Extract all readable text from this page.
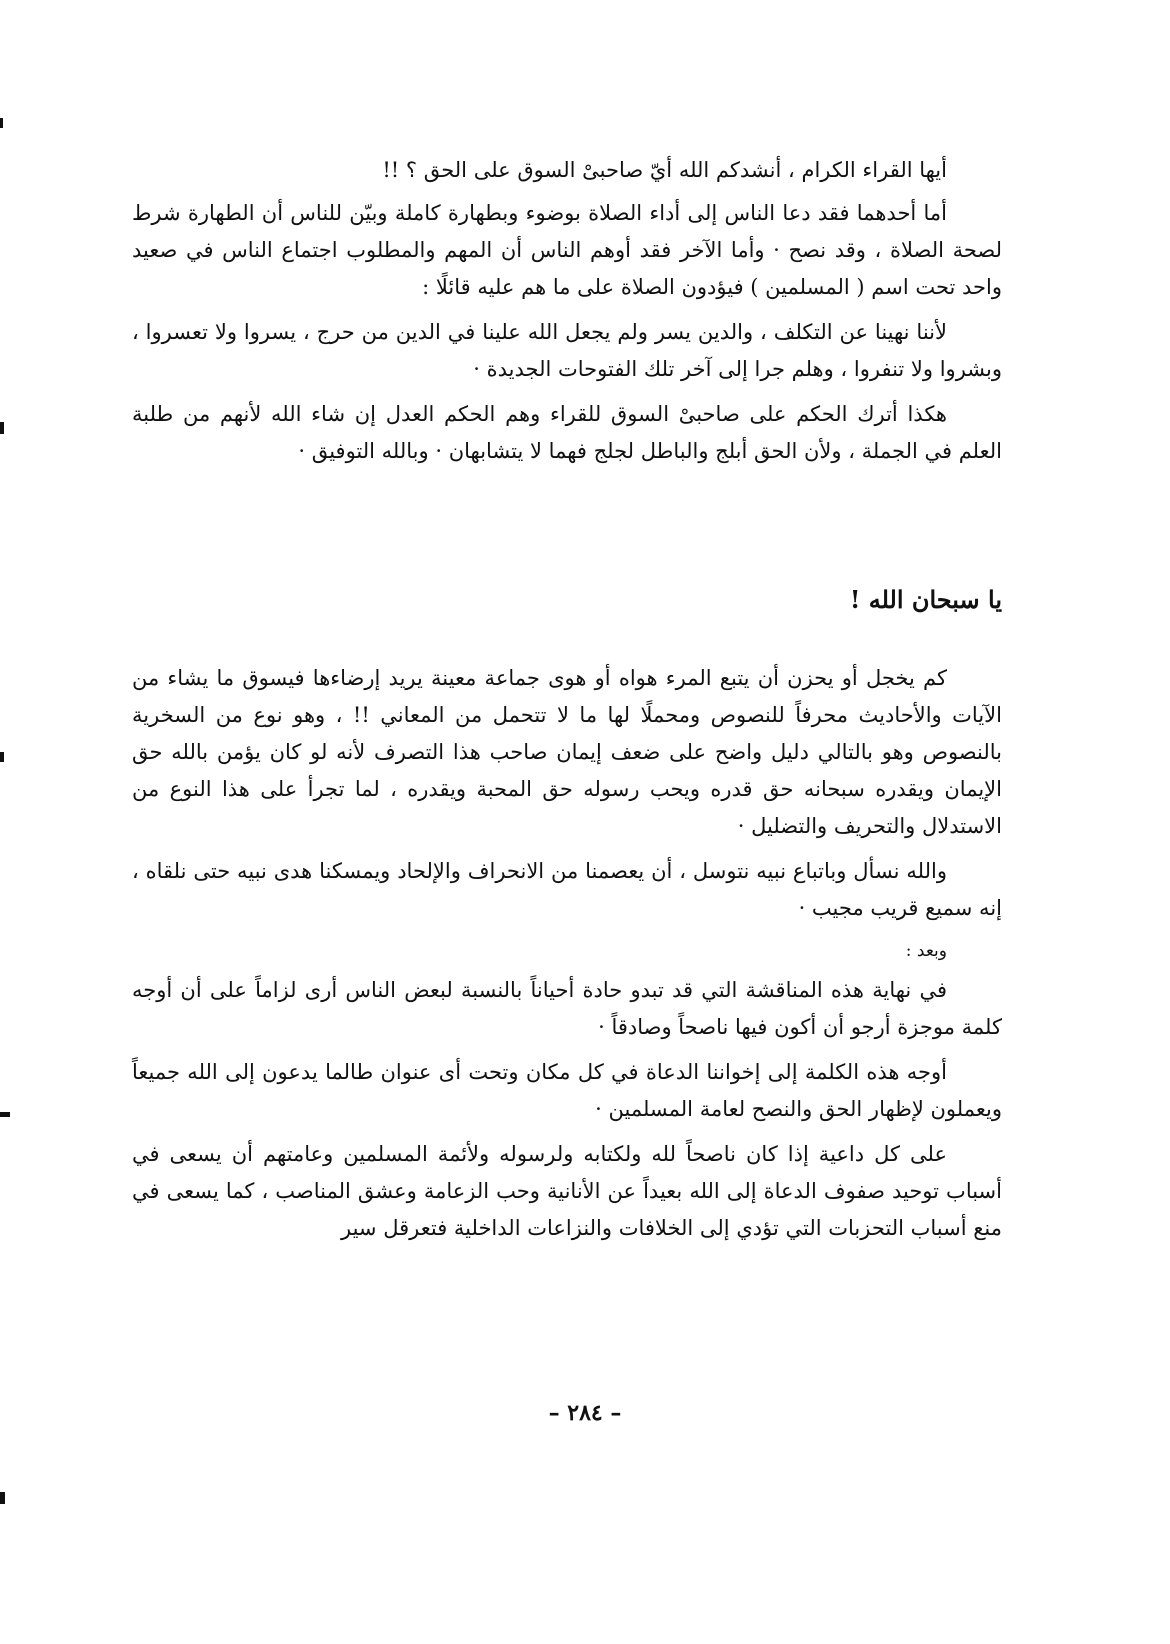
أيها القراء الكرام ، أنشدكم الله أيّ صاحبىْ السوق على الحق ؟ !!

أما أحدهما فقد دعا الناس إلى أداء الصلاة بوضوء وبطهارة كاملة وبيّن للناس أن الطهارة شرط لصحة الصلاة ، وقد نصح · وأما الآخر فقد أوهم الناس أن المهم والمطلوب اجتماع الناس في صعيد واحد تحت اسم ( المسلمين ) فيؤدون الصلاة على ما هم عليه قائلًا :

لأننا نهينا عن التكلف ، والدين يسر ولم يجعل الله علينا في الدين من حرج ، يسروا ولا تعسروا ، وبشروا ولا تنفروا ، وهلم جرا إلى آخر تلك الفتوحات الجديدة ·

هكذا أترك الحكم على صاحبىْ السوق للقراء وهم الحكم العدل إن شاء الله لأنهم من طلبة العلم في الجملة ، ولأن الحق أبلج والباطل لجلج فهما لا يتشابهان · وبالله التوفيق ·

يا سبحان الله !

كم يخجل أو يحزن أن يتبع المرء هواه أو هوى جماعة معينة يريد إرضاءها فيسوق ما يشاء من الآيات والأحاديث محرفاً للنصوص ومحملًا لها ما لا تتحمل من المعاني !! ، وهو نوع من السخرية بالنصوص وهو بالتالي دليل واضح على ضعف إيمان صاحب هذا التصرف لأنه لو كان يؤمن بالله حق الإيمان ويقدره سبحانه حق قدره ويحب رسوله حق المحبة ويقدره ، لما تجرأ على هذا النوع من الاستدلال والتحريف والتضليل ·

والله نسأل وباتباع نبيه نتوسل ، أن يعصمنا من الانحراف والإلحاد ويمسكنا هدى نبيه حتى نلقاه ، إنه سميع قريب مجيب ·

وبعد :

في نهاية هذه المناقشة التي قد تبدو حادة أحياناً بالنسبة لبعض الناس أرى لزاماً على أن أوجه كلمة موجزة أرجو أن أكون فيها ناصحاً وصادقاً ·

أوجه هذه الكلمة إلى إخواننا الدعاة في كل مكان وتحت أى عنوان طالما يدعون إلى الله جميعاً ويعملون لإظهار الحق والنصح لعامة المسلمين ·

على كل داعية إذا كان ناصحاً لله ولكتابه ولرسوله ولأئمة المسلمين وعامتهم أن يسعى في أسباب توحيد صفوف الدعاة إلى الله بعيداً عن الأنانية وحب الزعامة وعشق المناصب ، كما يسعى في منع أسباب التحزبات التي تؤدي إلى الخلافات والنزاعات الداخلية فتعرقل سير

– ٢٨٤ –
